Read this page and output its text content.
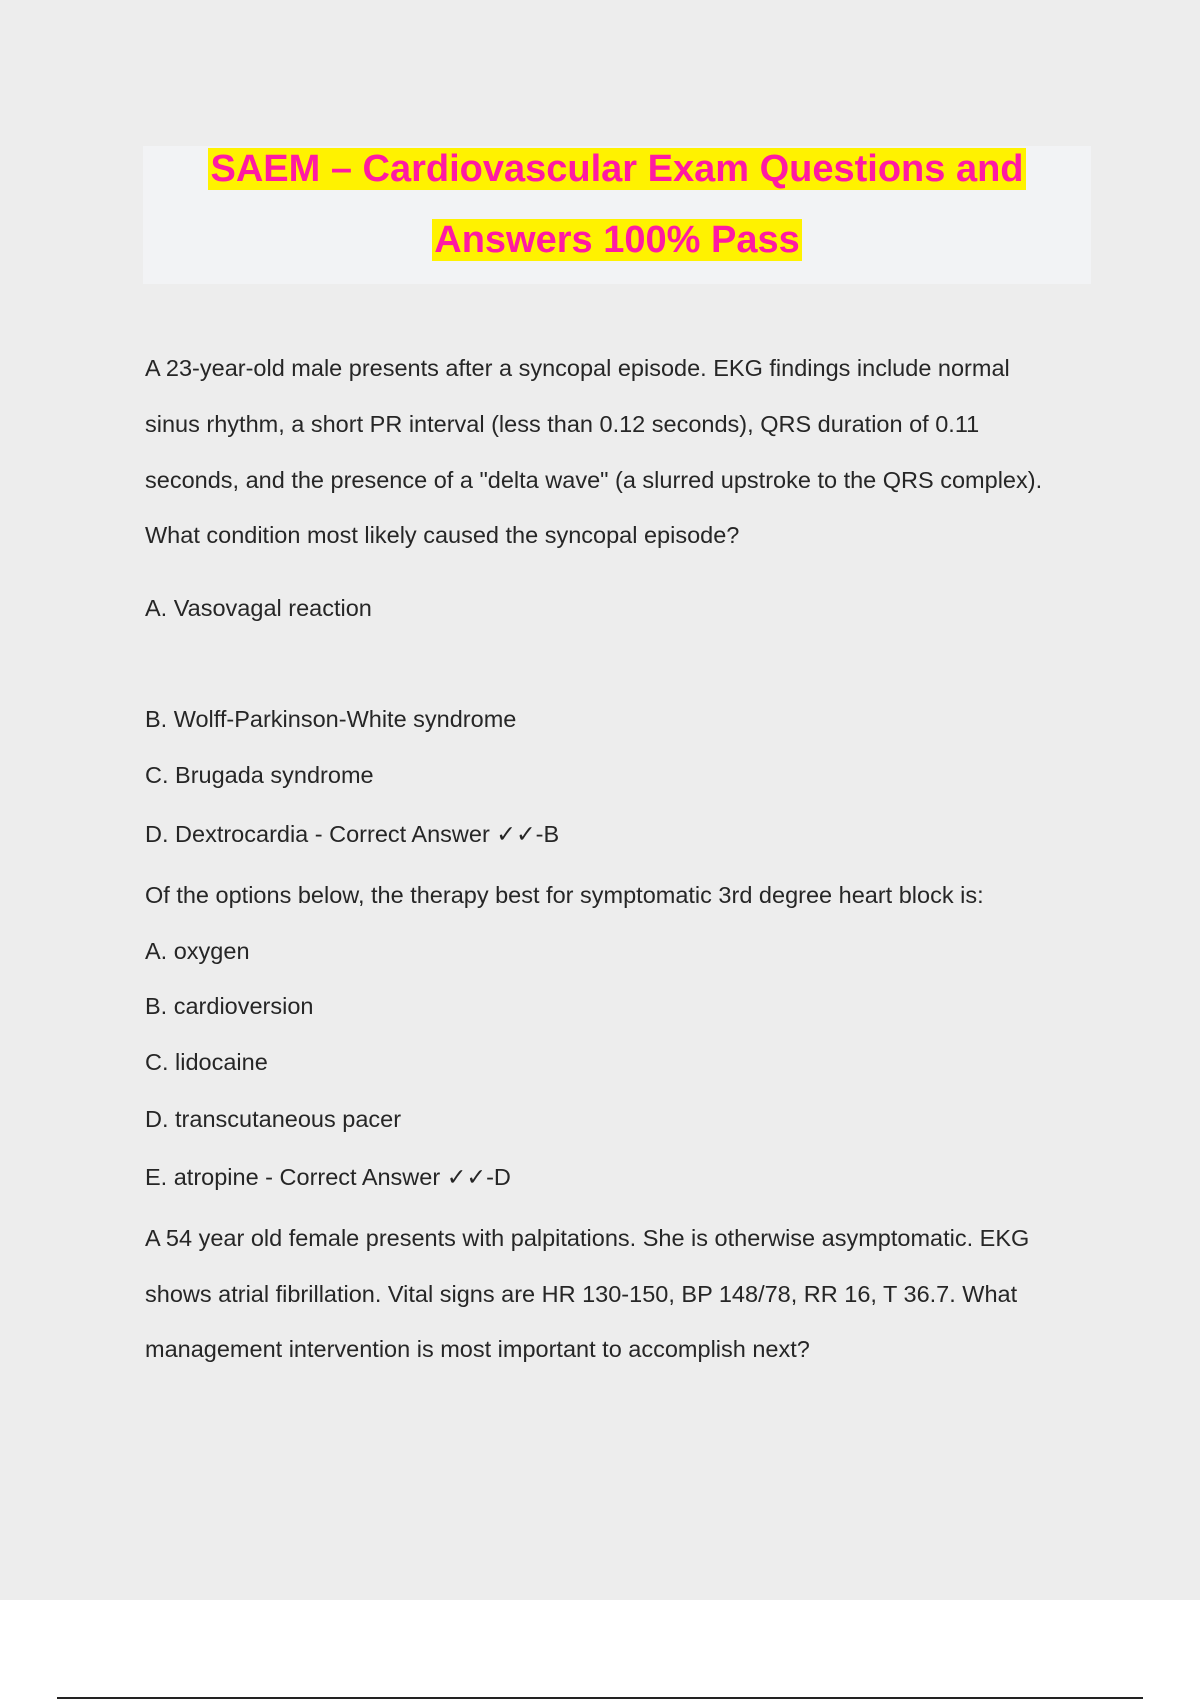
SAEM – Cardiovascular Exam Questions and
Answers 100% Pass
A 23-year-old male presents after a syncopal episode. EKG findings include normal
sinus rhythm, a short PR interval (less than 0.12 seconds), QRS duration of 0.11
seconds, and the presence of a "delta wave" (a slurred upstroke to the QRS complex).
What condition most likely caused the syncopal episode?
A. Vasovagal reaction
B. Wolff-Parkinson-White syndrome
C. Brugada syndrome
D. Dextrocardia - Correct Answer ✓✓-B
Of the options below, the therapy best for symptomatic 3rd degree heart block is:
A. oxygen
B. cardioversion
C. lidocaine
D. transcutaneous pacer
E. atropine - Correct Answer ✓✓-D
A 54 year old female presents with palpitations. She is otherwise asymptomatic. EKG
shows atrial fibrillation. Vital signs are HR 130-150, BP 148/78, RR 16, T 36.7. What
management intervention is most important to accomplish next?
